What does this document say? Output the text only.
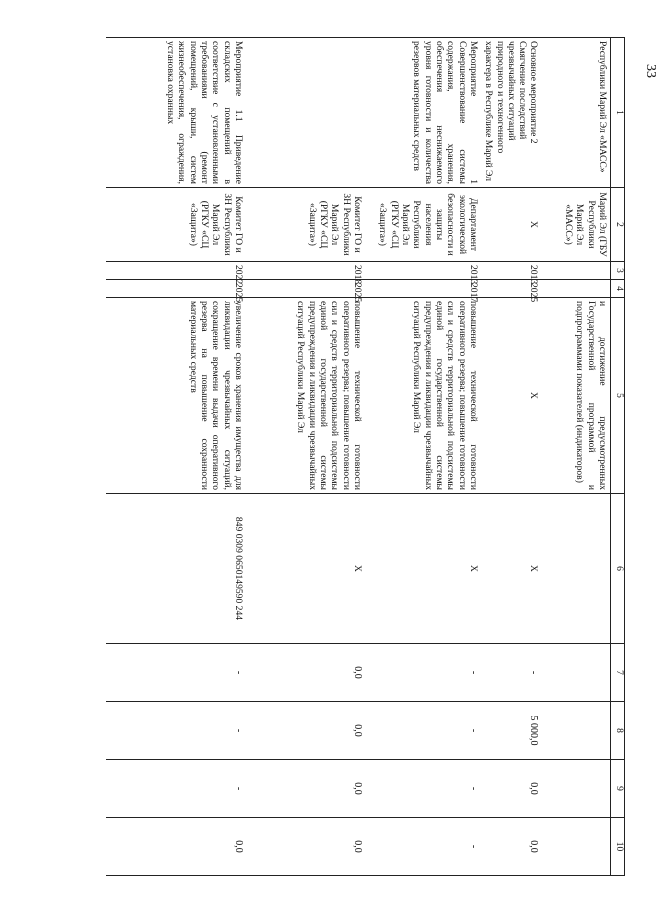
33
1	2	3	4	5	6	7	8	9	10
Республики Марий Эл «МАСС»	Марий Эл (ГБУ Республики Марий Эл «МАСС»)			и достижение предусмотренных Государственной программой и подпрограммами показателей (индикаторов)					
Основное мероприятие 2 Смягчение последствий чрезвычайных ситуаций природного и техногенного характера в Республике Марий Эл	X	2013	2025	X	X	-	5 000,0	0,0	0,0
Мероприятие 1 Совершенствование системы содержания, хранения, обеспечения неснижаемого уровня готовности и количества резервов материальных средств	Департамент экологической безопасности и защиты населения Республики Марий Эл (РГКУ «СЦ «Защита»)	2013	2017	повышение технической готовности оперативного резерва; повышение готовности сил и средств территориальной подсистемы единой государственной системы предупреждения и ликвидации чрезвычайных ситуаций Республики Марий Эл	X	-	-	-	-
	Комитет ГО и ЗН Республики Марий Эл (РГКУ «СЦ «Защита»)	2018	2025	повышение технической готовности оперативного резерва; повышение готовности сил и средств территориальной подсистемы единой государственной системы предупреждения и ликвидации чрезвычайных ситуаций Республики Марий Эл	X	0,0	0,0	0,0	0,0
Мероприятие 1.1 Приведение складских помещений в соответствие с установленными требованиями (ремонт помещений, крыши, систем жизнеобеспечения, ограждения, установка охранных	Комитет ГО и ЗН Республики Марий Эл (РГКУ «СЦ «Защита»)	2022	2025	увеличение сроков хранения имущества для ликвидации чрезвычайных ситуаций, сокращение времени выдачи оперативного резерва на повышение сохранности материальных средств	849 0309 0650149590 244	-	-	-	0,0
